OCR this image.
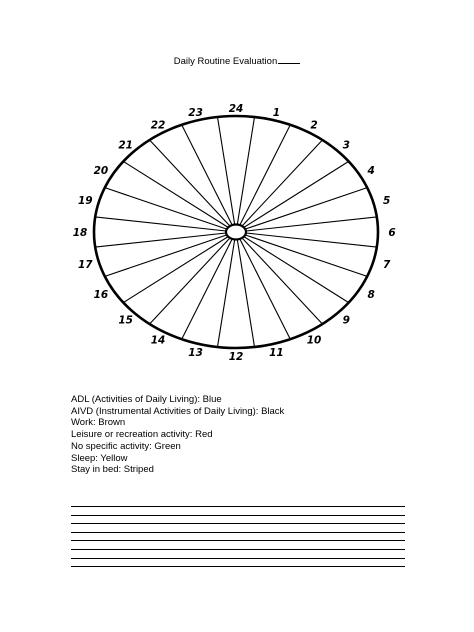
Daily Routine Evaluation
24	1
2
3
4
5
6
7
8
9
10
11
12
13
14
15
16
17
18
19
20
21
22
23
ADL (Activities of Daily Living): Blue
AIVD (Instrumental Activities of Daily Living): Black
Work: Brown
Leisure or recreation activity: Red
No specific activity: Green
Sleep: Yellow
Stay in bed: Striped
